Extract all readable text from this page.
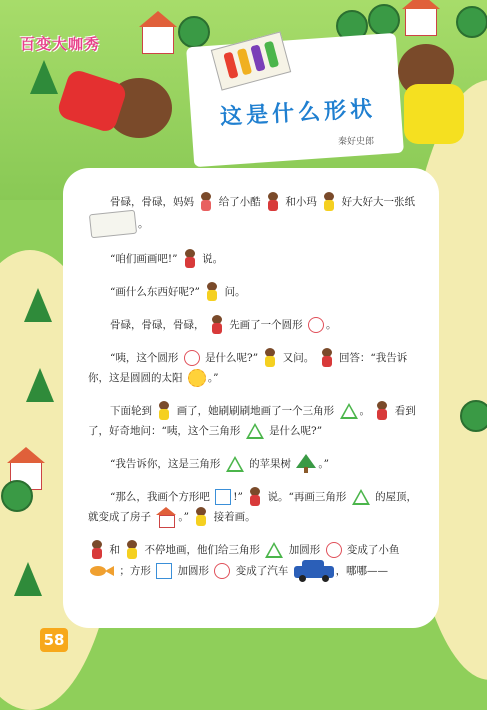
百变大咖秀
这是什么形状
秦好史郎
骨碌，骨碌，妈妈 给了小酷 和小玛 好大好大一张纸 。
“咱们画画吧!” 说。
“画什么东西好呢?” 问。
骨碌，骨碌，骨碌， 先画了一个圆形 。
“咦，这个圆形	是什么呢?” 又问。 回答：“我告诉你，这是圆圆的太阳 。”
下面轮到 画了，她刷刷刷地画了一个三角形 。 看到了，好奇地问：“咦，这个三角形	是什么呢?”
“我告诉你，这是三角形	的苹果树	。”
“那么，我画个方形吧 !” 说。“再画三角形	的屋顶，就变成了房子	。” 接着画。
和 不停地画，他们给三角形	加圆形	变成了小鱼
；方形	加圆形	变成了汽车	，哪哪——
58
